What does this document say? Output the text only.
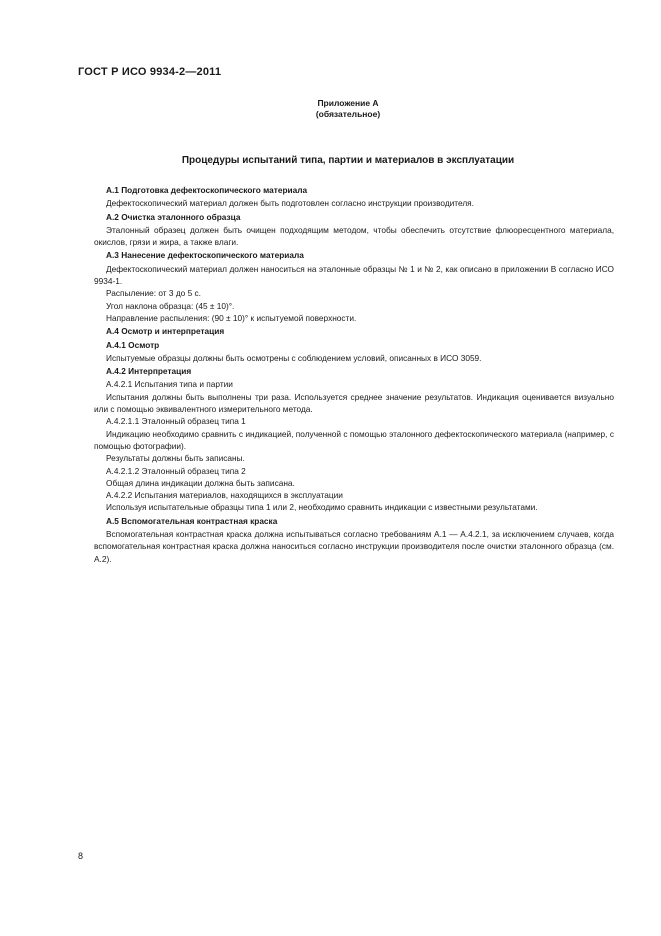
ГОСТ Р ИСО 9934-2—2011
Приложение А
(обязательное)
Процедуры испытаний типа, партии и материалов в эксплуатации

А.1 Подготовка дефектоскопического материала

Дефектоскопический материал должен быть подготовлен согласно инструкции производителя.

А.2 Очистка эталонного образца

Эталонный образец должен быть очищен подходящим методом, чтобы обеспечить отсутствие флюоресцентного материала, окислов, грязи и жира, а также влаги.

А.3 Нанесение дефектоскопического материала

Дефектоскопический материал должен наноситься на эталонные образцы № 1 и № 2, как описано в приложении В согласно ИСО 9934-1.

Распыление: от 3 до 5 с.

Угол наклона образца: (45 ± 10)°.

Направление распыления: (90 ± 10)° к испытуемой поверхности.

А.4 Осмотр и интерпретация

А.4.1 Осмотр

Испытуемые образцы должны быть осмотрены с соблюдением условий, описанных в ИСО 3059.

А.4.2 Интерпретация

А.4.2.1 Испытания типа и партии

Испытания должны быть выполнены три раза. Используется среднее значение результатов. Индикация оценивается визуально или с помощью эквивалентного измерительного метода.

А.4.2.1.1 Эталонный образец типа 1

Индикацию необходимо сравнить с индикацией, полученной с помощью эталонного дефектоскопического материала (например, с помощью фотографии).

Результаты должны быть записаны.

А.4.2.1.2 Эталонный образец типа 2

Общая длина индикации должна быть записана.

А.4.2.2 Испытания материалов, находящихся в эксплуатации

Используя испытательные образцы типа 1 или 2, необходимо сравнить индикации с известными результатами.

А.5 Вспомогательная контрастная краска

Вспомогательная контрастная краска должна испытываться согласно требованиям А.1 — А.4.2.1, за исключением случаев, когда вспомогательная контрастная краска должна наноситься согласно инструкции производителя после очистки эталонного образца (см. А.2).

8
